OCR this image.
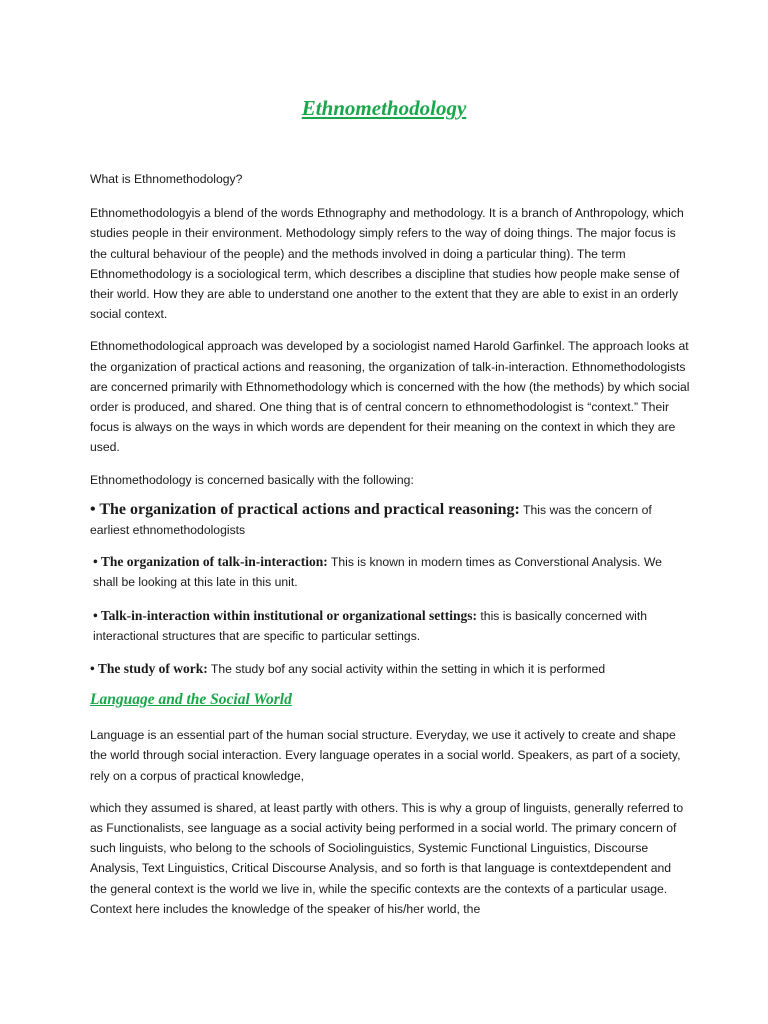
Ethnomethodology

What is Ethnomethodology?

Ethnomethodologyis a blend of the words Ethnography and methodology. It is a branch of Anthropology, which studies people in their environment. Methodology simply refers to the way of doing things. The major focus is the cultural behaviour of the people) and the methods involved in doing a particular thing). The term Ethnomethodology is a sociological term, which describes a discipline that studies how people make sense of their world. How they are able to understand one another to the extent that they are able to exist in an orderly social context.

Ethnomethodological approach was developed by a sociologist named Harold Garfinkel. The approach looks at the organization of practical actions and reasoning, the organization of talk-in-interaction. Ethnomethodologists are concerned primarily with Ethnomethodology which is concerned with the how (the methods) by which social order is produced, and shared. One thing that is of central concern to ethnomethodologist is “context.” Their focus is always on the ways in which words are dependent for their meaning on the context in which they are used.

Ethnomethodology is concerned basically with the following:

• The organization of practical actions and practical reasoning: This was the concern of earliest ethnomethodologists

• The organization of talk-in-interaction: This is known in modern times as Converstional Analysis. We shall be looking at this late in this unit.

• Talk-in-interaction within institutional or organizational settings: this is basically concerned with interactional structures that are specific to particular settings.

• The study of work: The study bof any social activity within the setting in which it is performed

Language and the Social World

Language is an essential part of the human social structure. Everyday, we use it actively to create and shape the world through social interaction. Every language operates in a social world. Speakers, as part of a society, rely on a corpus of practical knowledge,

which they assumed is shared, at least partly with others. This is why a group of linguists, generally referred to as Functionalists, see language as a social activity being performed in a social world. The primary concern of such linguists, who belong to the schools of Sociolinguistics, Systemic Functional Linguistics, Discourse Analysis, Text Linguistics, Critical Discourse Analysis, and so forth is that language is contextdependent and the general context is the world we live in, while the specific contexts are the contexts of a particular usage. Context here includes the knowledge of the speaker of his/her world, the
